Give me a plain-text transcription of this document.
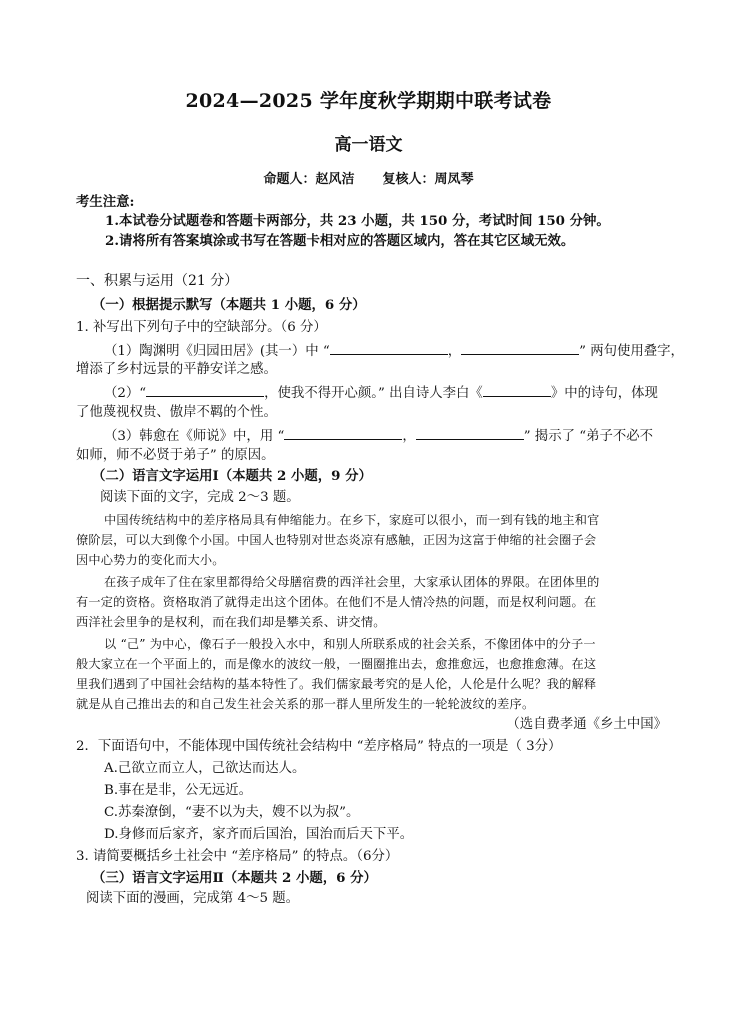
2024—2025 学年度秋学期期中联考试卷
高一语文
命题人：赵风洁 复核人：周凤琴
考生注意:
1.本试卷分试题卷和答题卡两部分，共 23 小题，共 150 分，考试时间 150 分钟。
2.请将所有答案填涂或书写在答题卡相对应的答题区域内，答在其它区域无效。
一、积累与运用（21 分）
（一）根据提示默写（本题共 1 小题，6 分）
1. 补写出下列句子中的空缺部分。（6 分）
（1）陶渊明《归园田居》(其一）中 “	，	” 两句使用叠字，
增添了乡村远景的平静安详之感。
（2）“	，使我不得开心颜。” 出自诗人李白《	》中的诗句，体现
了他蔑视权贵、傲岸不羁的个性。
（3）韩愈在《师说》中，用 “	，	” 揭示了 “弟子不必不
如师，师不必贤于弟子” 的原因。
（二）语言文字运用Ⅰ（本题共 2 小题，9 分）
阅读下面的文字，完成 2～3 题。
中国传统结构中的差序格局具有伸缩能力。在乡下，家庭可以很小，而一到有钱的地主和官
僚阶层，可以大到像个小国。中国人也特别对世态炎凉有感触，正因为这富于伸缩的社会圈子会
因中心势力的变化而大小。
在孩子成年了住在家里都得给父母膳宿费的西洋社会里，大家承认团体的界限。在团体里的
有一定的资格。资格取消了就得走出这个团体。在他们不是人情冷热的问题，而是权利问题。在
西洋社会里争的是权利，而在我们却是攀关系、讲交情。
以 “己” 为中心，像石子一般投入水中，和别人所联系成的社会关系，不像团体中的分子一
般大家立在一个平面上的，而是像水的波纹一般，一圈圈推出去，愈推愈远，也愈推愈薄。在这
里我们遇到了中国社会结构的基本特性了。我们儒家最考究的是人伦，人伦是什么呢？我的解释
就是从自己推出去的和自己发生社会关系的那一群人里所发生的一轮轮波纹的差序。
（选自费孝通《乡土中国》
2．下面语句中，不能体现中国传统社会结构中 “差序格局” 特点的一项是（ 3分）
A.己欲立而立人，己欲达而达人。
B.事在是非，公无远近。
C.苏秦潦倒，“妻不以为夫，嫂不以为叔”。
D.身修而后家齐，家齐而后国治，国治而后天下平。
3. 请简要概括乡土社会中 “差序格局” 的特点。（6分）
（三）语言文字运用Ⅱ（本题共 2 小题，6 分）
阅读下面的漫画，完成第 4～5 题。
